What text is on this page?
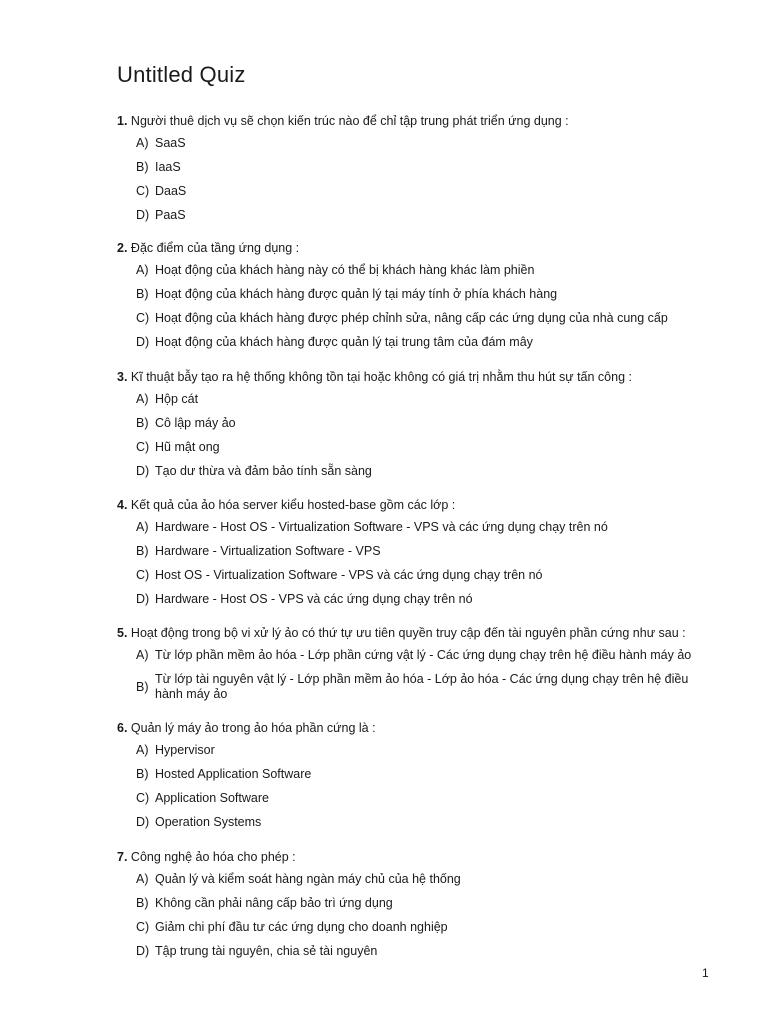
Untitled Quiz
1. Người thuê dịch vụ sẽ chọn kiến trúc nào để chỉ tập trung phát triển ứng dụng :
A) SaaS
B) IaaS
C) DaaS
D) PaaS
2. Đặc điểm của tầng ứng dụng :
A) Hoạt động của khách hàng này có thể bị khách hàng khác làm phiền
B) Hoạt động của khách hàng được quản lý tại máy tính ở phía khách hàng
C) Hoạt động của khách hàng được phép chỉnh sửa, nâng cấp các ứng dụng của nhà cung cấp
D) Hoạt động của khách hàng được quản lý tại trung tâm của đám mây
3. Kĩ thuật bẫy tạo ra hệ thống không tồn tại hoặc không có giá trị nhằm thu hút sự tấn công :
A) Hộp cát
B) Cô lập máy ảo
C) Hũ mật ong
D) Tạo dư thừa và đảm bảo tính sẵn sàng
4. Kết quả của ảo hóa server kiểu hosted-base gồm các lớp :
A) Hardware - Host OS - Virtualization Software - VPS và các ứng dụng chạy trên nó
B) Hardware - Virtualization Software - VPS
C) Host OS - Virtualization Software - VPS và các ứng dụng chạy trên nó
D) Hardware - Host OS - VPS và các ứng dụng chạy trên nó
5. Hoạt động trong bộ vi xử lý ảo có thứ tự ưu tiên quyền truy cập đến tài nguyên phần cứng như sau :
A) Từ lớp phần mềm ảo hóa - Lớp phần cứng vật lý - Các ứng dụng chạy trên hệ điều hành máy ảo
B)
Từ lớp tài nguyên vật lý - Lớp phần mềm ảo hóa - Lớp ảo hóa - Các ứng dụng chạy trên hệ điều hành máy ảo
6. Quản lý máy ảo trong ảo hóa phần cứng là :
A) Hypervisor
B) Hosted Application Software
C) Application Software
D) Operation Systems
7. Công nghệ ảo hóa cho phép :
A) Quản lý và kiểm soát hàng ngàn máy chủ của hệ thống
B) Không cần phải nâng cấp bảo trì ứng dụng
C) Giảm chi phí đầu tư các ứng dụng cho doanh nghiệp
D) Tập trung tài nguyên, chia sẻ tài nguyên
1
